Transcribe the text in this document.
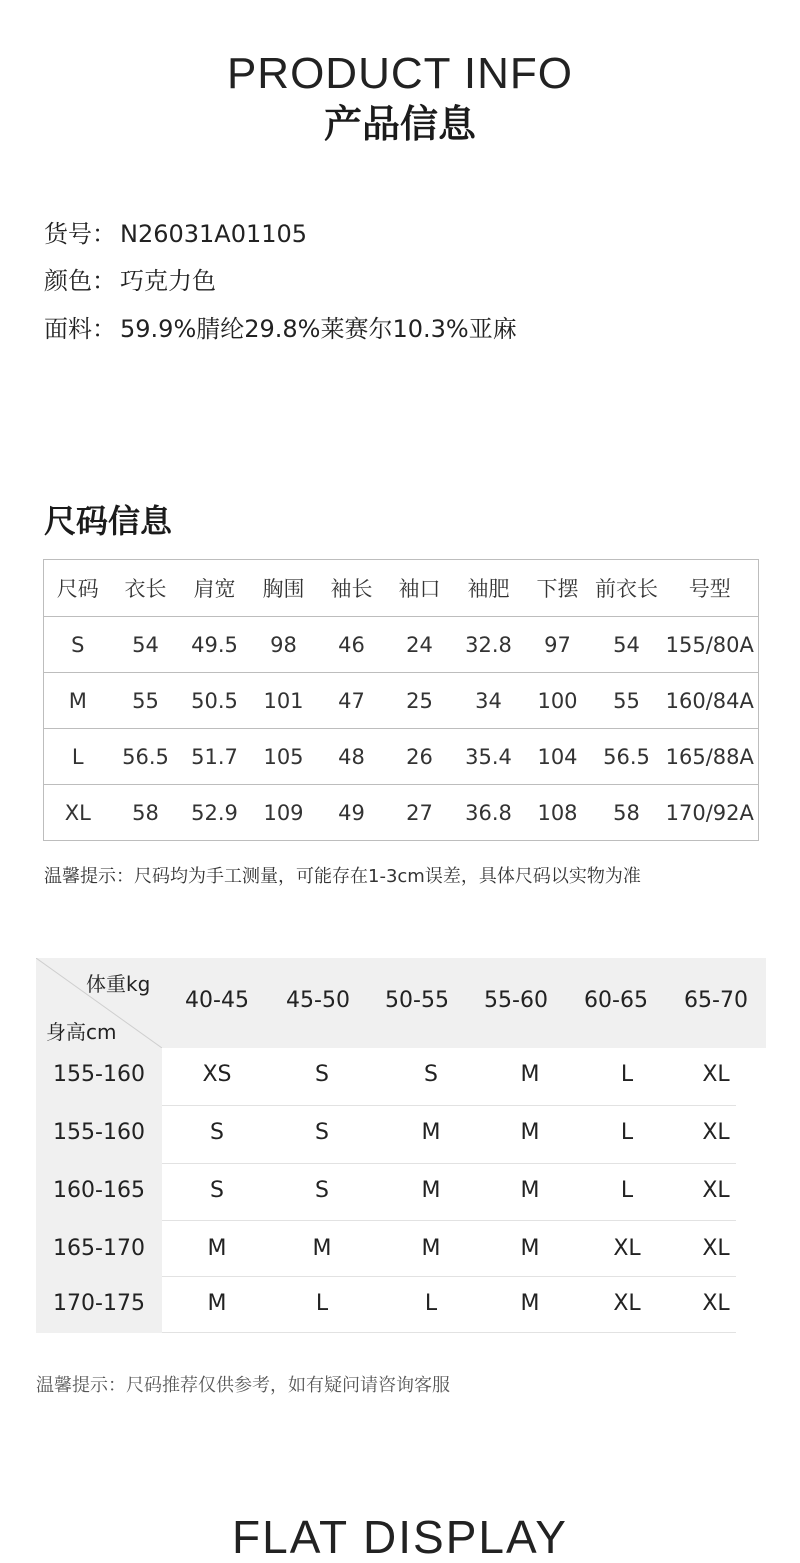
PRODUCT INFO
产品信息
货号： N26031A01105
颜色： 巧克力色
面料： 59.9%腈纶29.8%莱赛尔10.3%亚麻
尺码信息
尺码	衣长	肩宽	胸围	袖长	袖口	袖肥	下摆	前衣长	号型
S	54	49.5	98	46	24	32.8	97	54	155/80A
M	55	50.5	101	47	25	34	100	55	160/84A
L	56.5	51.7	105	48	26	35.4	104	56.5	165/88A
XL	58	52.9	109	49	27	36.8	108	58	170/92A
温馨提示：尺码均为手工测量，可能存在1-3cm误差，具体尺码以实物为准
体重kg
身高cm
40-45	45-50	50-55	55-60	60-65	65-70
155-160	XS	S	S	M	L	XL
155-160	S	S	M	M	L	XL
160-165	S	S	M	M	L	XL
165-170	M	M	M	M	XL	XL
170-175	M	L	L	M	XL	XL
温馨提示：尺码推荐仅供参考，如有疑问请咨询客服
FLAT DISPLAY
